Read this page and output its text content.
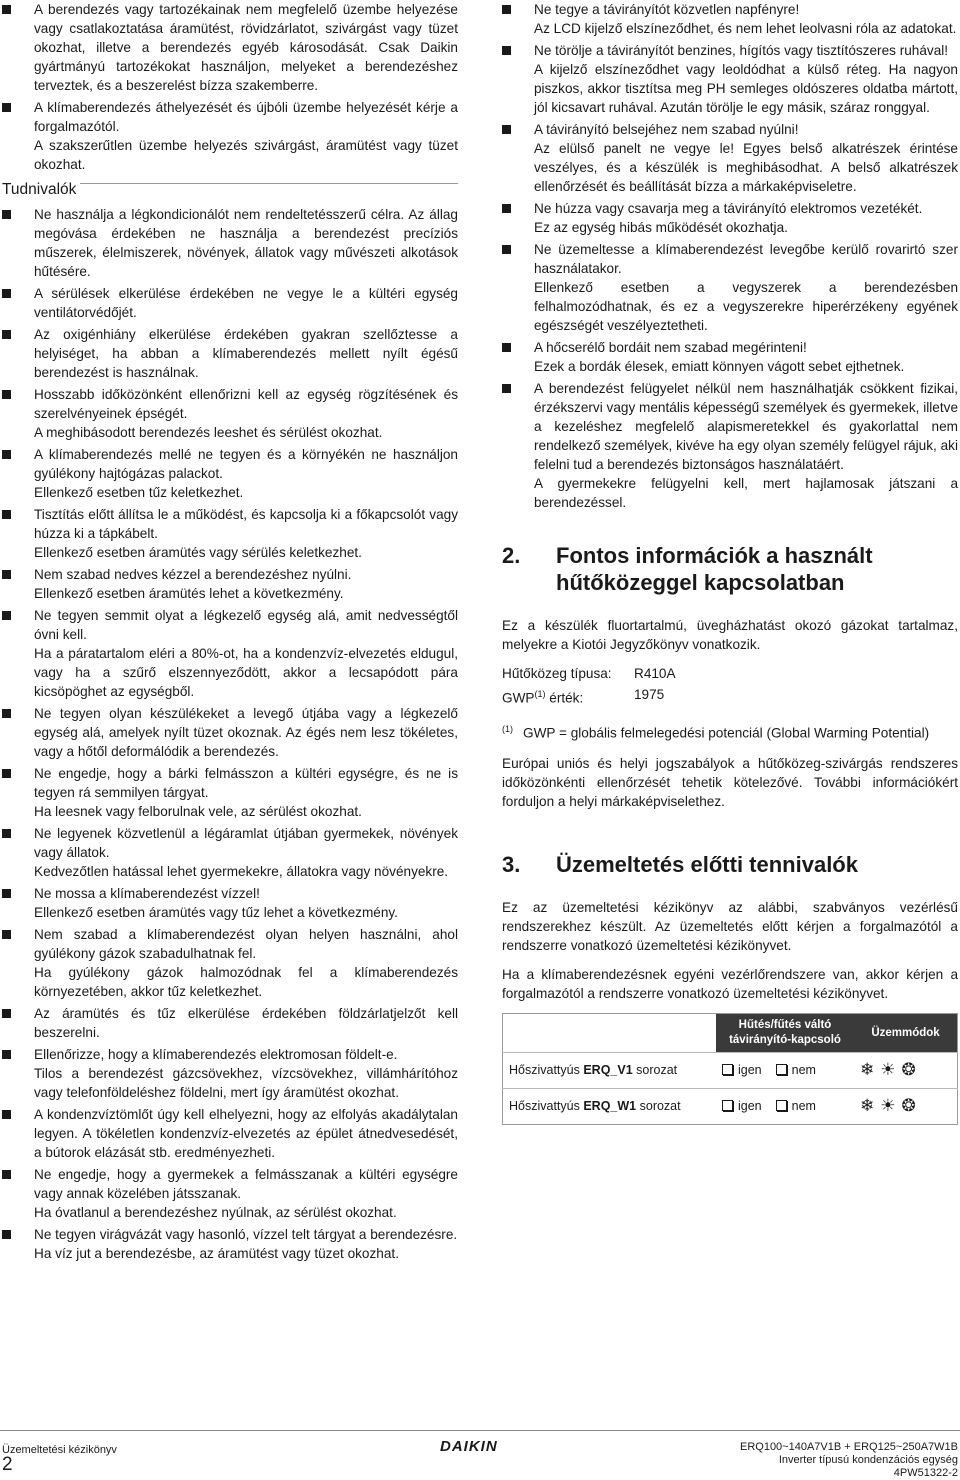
A berendezés vagy tartozékainak nem megfelelő üzembe helyezése vagy csatlakoztatása áramütést, rövidzárlatot, szivárgást vagy tüzet okozhat, illetve a berendezés egyéb károsodását. Csak Daikin gyártmányú tartozékokat használjon, melyeket a berendezéshez terveztek, és a beszerelést bízza szakemberre.

A klímaberendezés áthelyezését és újbóli üzembe helyezését kérje a forgalmazótól.

A szakszerűtlen üzembe helyezés szivárgást, áramütést vagy tüzet okozhat.

Tudnivalók

Ne használja a légkondicionálót nem rendeltetésszerű célra. Az állag megóvása érdekében ne használja a berendezést precíziós műszerek, élelmiszerek, növények, állatok vagy művészeti alkotások hűtésére.

A sérülések elkerülése érdekében ne vegye le a kültéri egység ventilátorvédőjét.

Az oxigénhiány elkerülése érdekében gyakran szellőztesse a helyiséget, ha abban a klímaberendezés mellett nyílt égésű berendezést is használnak.

Hosszabb időközönként ellenőrizni kell az egység rögzítésének és szerelvényeinek épségét.

A meghibásodott berendezés leeshet és sérülést okozhat.

A klímaberendezés mellé ne tegyen és a környékén ne használjon gyúlékony hajtógázas palackot.

Ellenkező esetben tűz keletkezhet.

Tisztítás előtt állítsa le a működést, és kapcsolja ki a főkapcsolót vagy húzza ki a tápkábelt.

Ellenkező esetben áramütés vagy sérülés keletkezhet.

Nem szabad nedves kézzel a berendezéshez nyúlni.

Ellenkező esetben áramütés lehet a következmény.

Ne tegyen semmit olyat a légkezelő egység alá, amit nedvességtől óvni kell.

Ha a páratartalom eléri a 80%-ot, ha a kondenzvíz-elvezetés eldugul, vagy ha a szűrő elszennyeződött, akkor a lecsapódott pára kicsöpöghet az egységből.

Ne tegyen olyan készülékeket a levegő útjába vagy a légkezelő egység alá, amelyek nyílt tüzet okoznak. Az égés nem lesz tökéletes, vagy a hőtől deformálódik a berendezés.

Ne engedje, hogy a bárki felmásszon a kültéri egységre, és ne is tegyen rá semmilyen tárgyat.

Ha leesnek vagy felborulnak vele, az sérülést okozhat.

Ne legyenek közvetlenül a légáramlat útjában gyermekek, növények vagy állatok.

Kedvezőtlen hatással lehet gyermekekre, állatokra vagy növényekre.

Ne mossa a klímaberendezést vízzel!

Ellenkező esetben áramütés vagy tűz lehet a következmény.

Nem szabad a klímaberendezést olyan helyen használni, ahol gyúlékony gázok szabadulhatnak fel.

Ha gyúlékony gázok halmozódnak fel a klímaberendezés környezetében, akkor tűz keletkezhet.

Az áramütés és tűz elkerülése érdekében földzárlatjelzőt kell beszerelni.

Ellenőrizze, hogy a klímaberendezés elektromosan földelt-e.

Tilos a berendezést gázcsövekhez, vízcsövekhez, villámhárítóhoz vagy telefonföldeléshez földelni, mert így áramütést okozhat.

A kondenzvíztömlőt úgy kell elhelyezni, hogy az elfolyás akadálytalan legyen. A tökéletlen kondenzvíz-elvezetés az épület átnedvesedését, a bútorok elázását stb. eredményezheti.

Ne engedje, hogy a gyermekek a felmásszanak a kültéri egységre vagy annak közelében játsszanak.

Ha óvatlanul a berendezéshez nyúlnak, az sérülést okozhat.

Ne tegyen virágvázát vagy hasonló, vízzel telt tárgyat a berendezésre.

Ha víz jut a berendezésbe, az áramütést vagy tüzet okozhat.

Ne tegye a távirányítót közvetlen napfényre!

Az LCD kijelző elszíneződhet, és nem lehet leolvasni róla az adatokat.

Ne törölje a távirányítót benzines, hígítós vagy tisztítószeres ruhával!

A kijelző elszíneződhet vagy leoldódhat a külső réteg. Ha nagyon piszkos, akkor tisztítsa meg PH semleges oldószeres oldatba mártott, jól kicsavart ruhával. Azután törölje le egy másik, száraz ronggyal.

A távirányító belsejéhez nem szabad nyúlni!

Az elülső panelt ne vegye le! Egyes belső alkatrészek érintése veszélyes, és a készülék is meghibásodhat. A belső alkatrészek ellenőrzését és beállítását bízza a márkaképviseletre.

Ne húzza vagy csavarja meg a távirányító elektromos vezetékét.

Ez az egység hibás működését okozhatja.

Ne üzemeltesse a klímaberendezést levegőbe kerülő rovarirtó szer használatakor.

Ellenkező esetben a vegyszerek a berendezésben felhalmozódhatnak, és ez a vegyszerekre hiperérzékeny egyének egészségét veszélyeztetheti.

A hőcserélő bordáit nem szabad megérinteni!

Ezek a bordák élesek, emiatt könnyen vágott sebet ejthetnek.

A berendezést felügyelet nélkül nem használhatják csökkent fizikai, érzékszervi vagy mentális képességű személyek és gyermekek, illetve a kezeléshez megfelelő alapismeretekkel és gyakorlattal nem rendelkező személyek, kivéve ha egy olyan személy felügyel rájuk, aki felelni tud a berendezés biztonságos használatáért.

A gyermekekre felügyelni kell, mert hajlamosak játszani a berendezéssel.

2.	Fontos információk a használt hűtőközeggel kapcsolatban

Ez a készülék fluortartalmú, üvegházhatást okozó gázokat tartalmaz, melyekre a Kiotói Jegyzőkönyv vonatkozik.

Hűtőközeg típusa:	R410A
GWP$^{(1)}$ érték:	1975

$^{(1)}$ GWP = globális felmelegedési potenciál (Global Warming Potential)

Európai uniós és helyi jogszabályok a hűtőközeg-szivárgás rendszeres időközönkénti ellenőrzését tehetik kötelezővé. További információkért forduljon a helyi márkaképviselethez.

3.	Üzemeltetés előtti tennivalók

Ez az üzemeltetési kézikönyv az alábbi, szabványos vezérlésű rendszerekhez készült. Az üzemeltetés előtt kérjen a forgalmazótól a rendszerre vonatkozó üzemeltetési kézikönyvet.

Ha a klímaberendezésnek egyéni vezérlőrendszere van, akkor kérjen a forgalmazótól a rendszerre vonatkozó üzemeltetési kézikönyvet.

	Hűtés/fűtés váltó távirányító-kapcsoló	Üzemmódok
Hőszivattyús ERQ_V1 sorozat	igen nem	❄ ☀ ❂
Hőszivattyús ERQ_W1 sorozat	igen nem	❄ ☀ ❂
Üzemeltetési kézikönyv
2
DAIKIN	ERQ100~140A7V1B + ERQ125~250A7W1B
Inverter típusú kondenzációs egység
4PW51322-2
